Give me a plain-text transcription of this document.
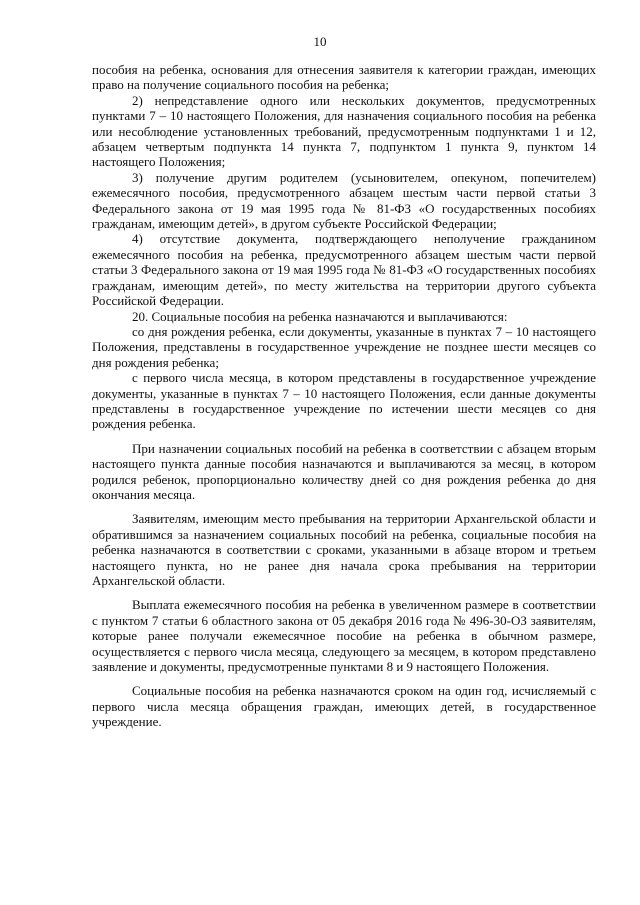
10

пособия на ребенка, основания для отнесения заявителя к категории граждан, имеющих право на получение социального пособия на ребенка;

2) непредставление одного или нескольких документов, предусмотренных пунктами 7 – 10 настоящего Положения, для назначения социального пособия на ребенка или несоблюдение установленных требований, предусмотренным подпунктами 1 и 12, абзацем четвертым подпункта 14 пункта 7, подпунктом 1 пункта 9, пунктом 14 настоящего Положения;

3) получение другим родителем (усыновителем, опекуном, попечителем) ежемесячного пособия, предусмотренного абзацем шестым части первой статьи 3 Федерального закона от 19 мая 1995 года № 81-ФЗ «О государственных пособиях гражданам, имеющим детей», в другом субъекте Российской Федерации;

4) отсутствие документа, подтверждающего неполучение гражданином ежемесячного пособия на ребенка, предусмотренного абзацем шестым части первой статьи 3 Федерального закона от 19 мая 1995 года № 81-ФЗ «О государственных пособиях гражданам, имеющим детей», по месту жительства на территории другого субъекта Российской Федерации.

20. Социальные пособия на ребенка назначаются и выплачиваются:

со дня рождения ребенка, если документы, указанные в пунктах 7 – 10 настоящего Положения, представлены в государственное учреждение не позднее шести месяцев со дня рождения ребенка;

с первого числа месяца, в котором представлены в государственное учреждение документы, указанные в пунктах 7 – 10 настоящего Положения, если данные документы представлены в государственное учреждение по истечении шести месяцев со дня рождения ребенка.

При назначении социальных пособий на ребенка в соответствии с абзацем вторым настоящего пункта данные пособия назначаются и выплачиваются за месяц, в котором родился ребенок, пропорционально количеству дней со дня рождения ребенка до дня окончания месяца.

Заявителям, имеющим место пребывания на территории Архангельской области и обратившимся за назначением социальных пособий на ребенка, социальные пособия на ребенка назначаются в соответствии с сроками, указанными в абзаце втором и третьем настоящего пункта, но не ранее дня начала срока пребывания на территории Архангельской области.

Выплата ежемесячного пособия на ребенка в увеличенном размере в соответствии с пунктом 7 статьи 6 областного закона от 05 декабря 2016 года № 496-30-ОЗ заявителям, которые ранее получали ежемесячное пособие на ребенка в обычном размере, осуществляется с первого числа месяца, следующего за месяцем, в котором представлено заявление и документы, предусмотренные пунктами 8 и 9 настоящего Положения.

Социальные пособия на ребенка назначаются сроком на один год, исчисляемый с первого числа месяца обращения граждан, имеющих детей, в государственное учреждение.
